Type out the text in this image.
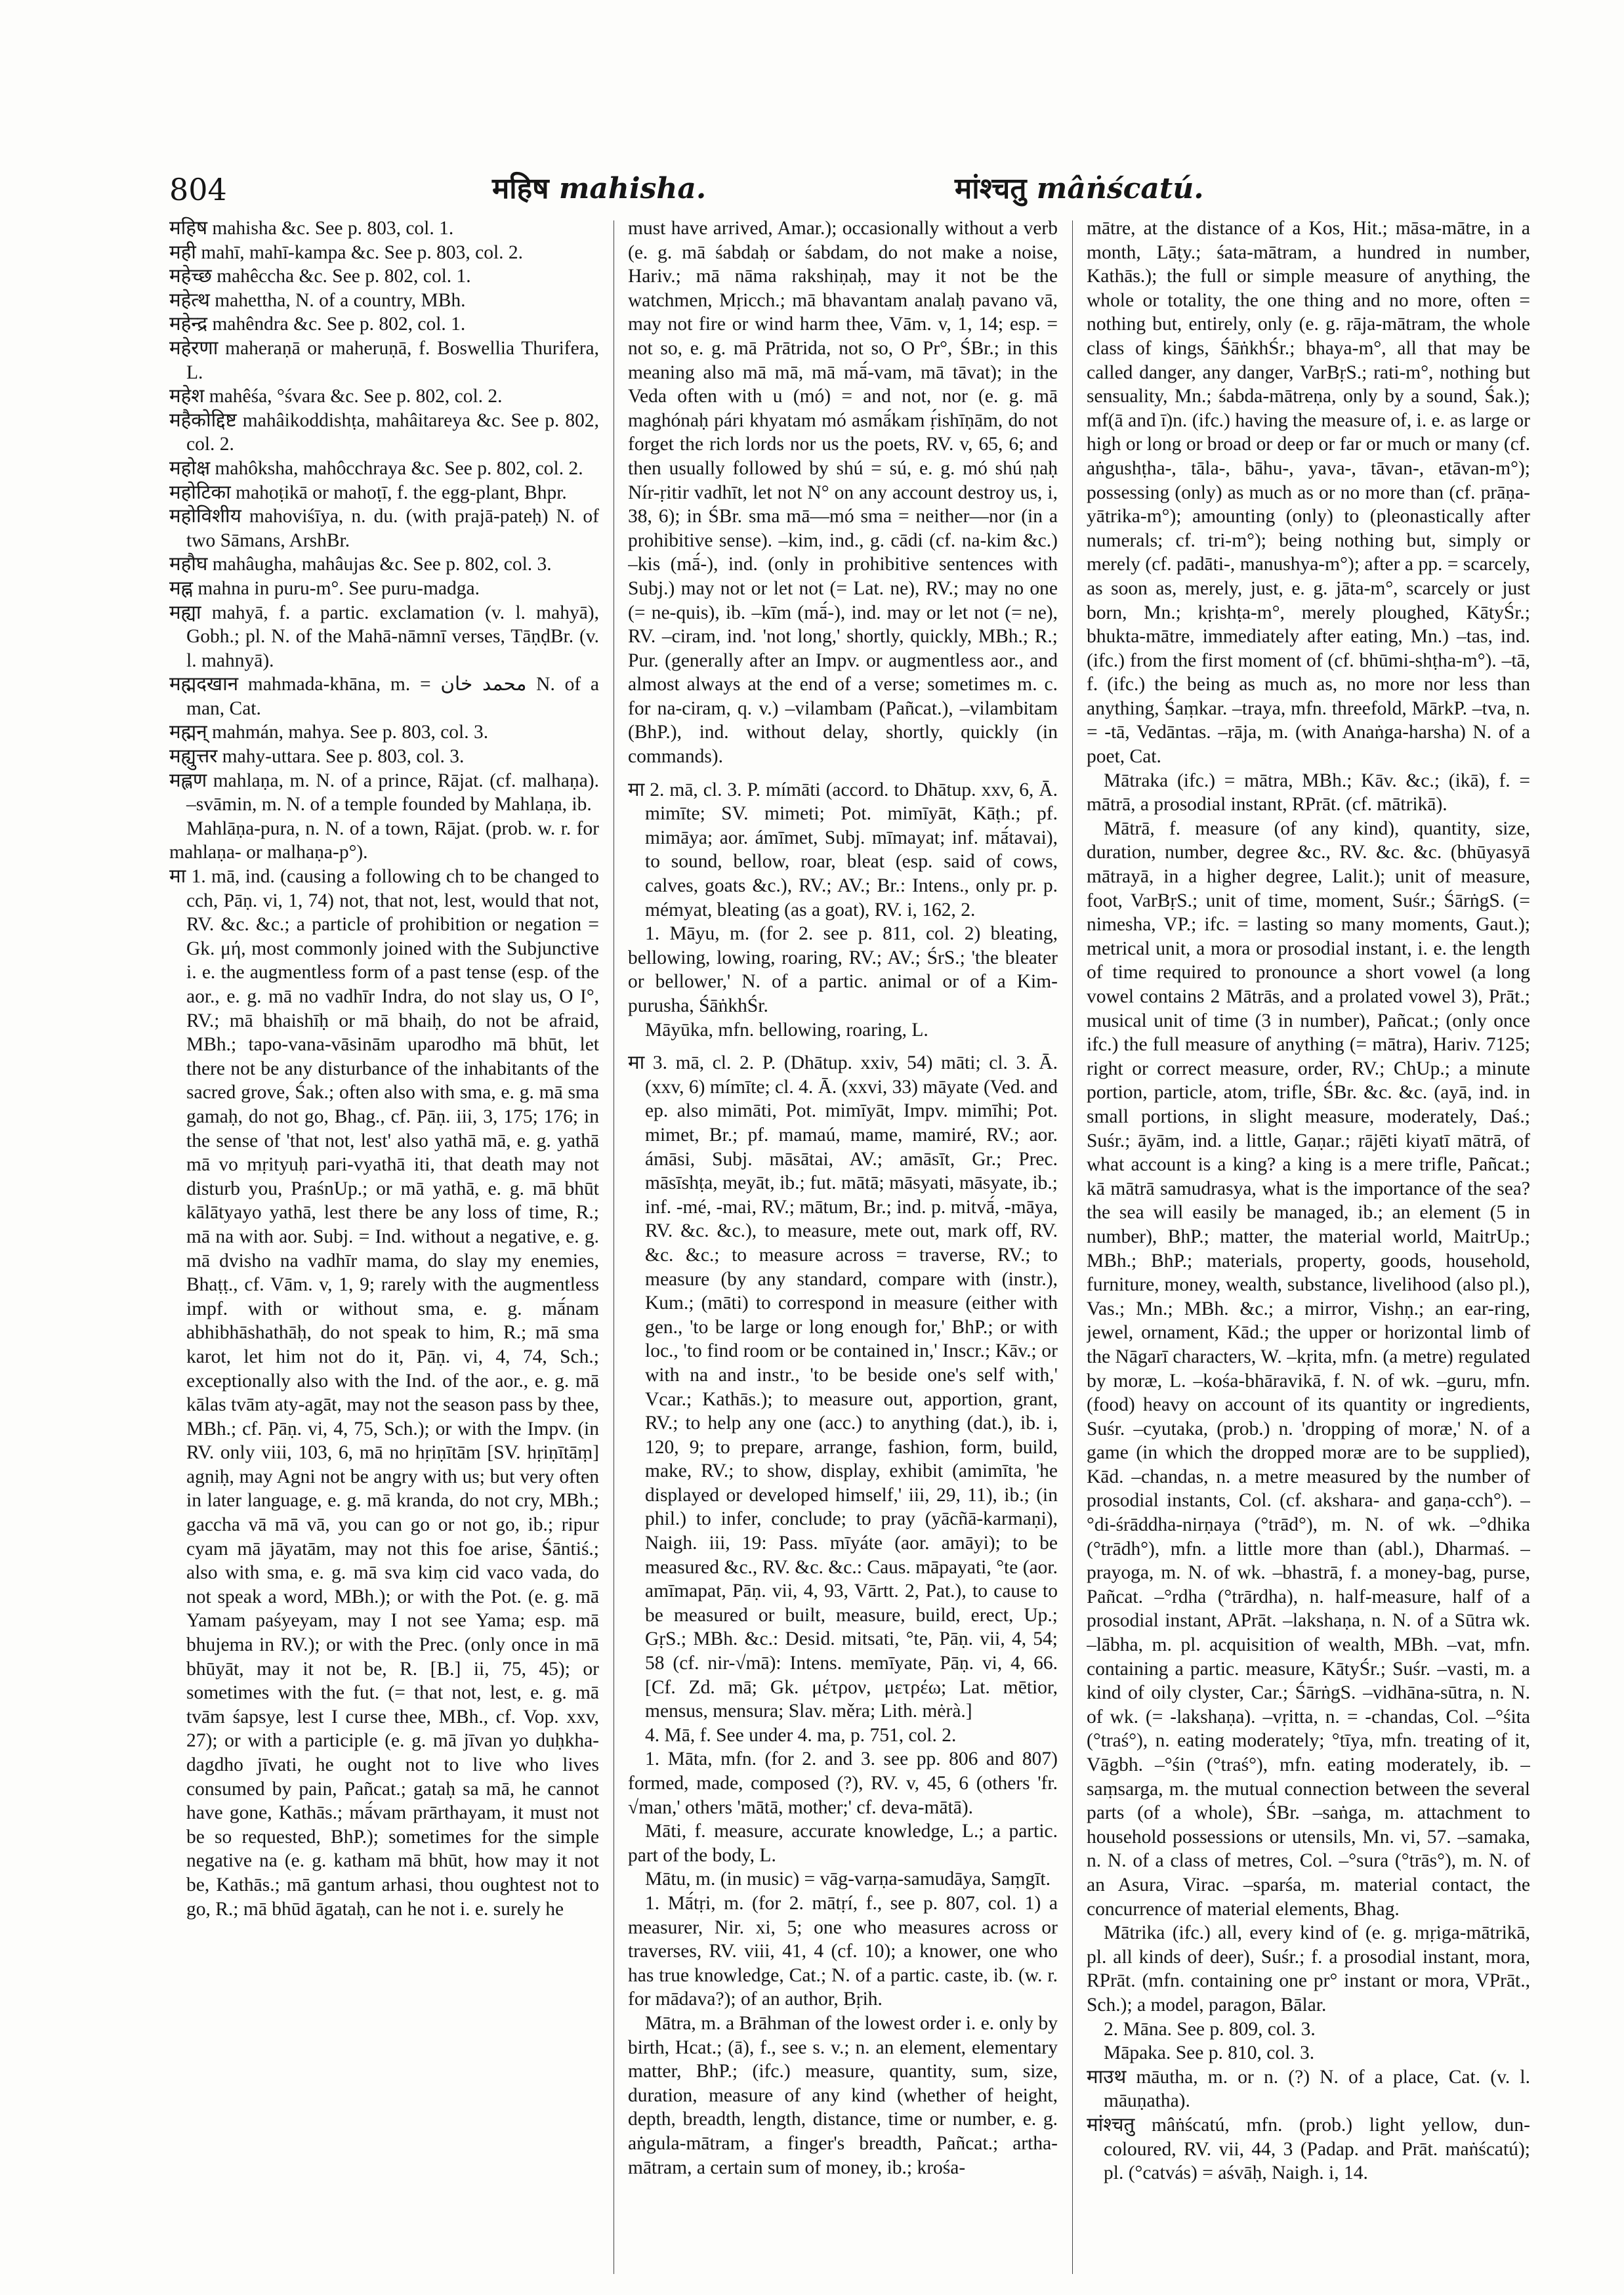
804	महिष mahisha.	मांश्चतु mâṅścatú.

महिष mahisha &c. See p. 803, col. 1.

मही mahī, mahī-kampa &c. See p. 803, col. 2.

महेच्छ mahêccha &c. See p. 802, col. 1.

महेत्थ mahettha, N. of a country, MBh.

महेन्द्र mahêndra &c. See p. 802, col. 1.

महेरणा maheraṇā or maheruṇā, f. Boswellia Thurifera, L.

महेश mahêśa, °śvara &c. See p. 802, col. 2.

महैकोद्दिष्ट mahâikoddishṭa, mahâitareya &c. See p. 802, col. 2.

महोक्ष mahôksha, mahôcchraya &c. See p. 802, col. 2.

महोटिका mahoṭikā or mahoṭī, f. the egg-plant, Bhpr.

महोविशीय mahoviśīya, n. du. (with prajā-pateḥ) N. of two Sāmans, ArshBr.

महौघ mahâugha, mahâujas &c. See p. 802, col. 3.

मह्न mahna in puru-m°. See puru-madga.

मह्या mahyā, f. a partic. exclamation (v. l. mahyā), Gobh.; pl. N. of the Mahā-nāmnī verses, TāṇḍBr. (v. l. mahnyā).

मह्मदखान mahmada-khāna, m. = محمد خان N. of a man, Cat.

मह्मन् mahmán, mahya. See p. 803, col. 3.

मह्युत्तर mahy-uttara. See p. 803, col. 3.

मह्लण mahlaṇa, m. N. of a prince, Rājat. (cf. malhaṇa). –svāmin, m. N. of a temple founded by Mahlaṇa, ib.

Mahlāṇa-pura, n. N. of a town, Rājat. (prob. w. r. for mahlaṇa- or malhaṇa-p°).

मा 1. mā, ind. (causing a following ch to be changed to cch, Pāṇ. vi, 1, 74) not, that not, lest, would that not, RV. &c. &c.; a particle of prohibition or negation = Gk. μή, most commonly joined with the Subjunctive i. e. the augmentless form of a past tense (esp. of the aor., e. g. mā no vadhīr Indra, do not slay us, O I°, RV.; mā bhaishīḥ or mā bhaiḥ, do not be afraid, MBh.; tapo-vana-vāsinām uparodho mā bhūt, let there not be any disturbance of the inhabitants of the sacred grove, Śak.; often also with sma, e. g. mā sma gamaḥ, do not go, Bhag., cf. Pāṇ. iii, 3, 175; 176; in the sense of 'that not, lest' also yathā mā, e. g. yathā mā vo mṛityuḥ pari-vyathā iti, that death may not disturb you, PraśnUp.; or mā yathā, e. g. mā bhūt kālātyayo yathā, lest there be any loss of time, R.; mā na with aor. Subj. = Ind. without a negative, e. g. mā dvisho na vadhīr mama, do slay my enemies, Bhaṭṭ., cf. Vām. v, 1, 9; rarely with the augmentless impf. with or without sma, e. g. mā́nam abhibhāshathāḥ, do not speak to him, R.; mā sma karot, let him not do it, Pāṇ. vi, 4, 74, Sch.; exceptionally also with the Ind. of the aor., e. g. mā kālas tvām aty-agāt, may not the season pass by thee, MBh.; cf. Pāṇ. vi, 4, 75, Sch.); or with the Impv. (in RV. only viii, 103, 6, mā no hṛiṇītām [SV. hṛiṇītāṃ] agniḥ, may Agni not be angry with us; but very often in later language, e. g. mā kranda, do not cry, MBh.; gaccha vā mā vā, you can go or not go, ib.; ripur cyam mā jāyatām, may not this foe arise, Śāntiś.; also with sma, e. g. mā sva kiṃ cid vaco vada, do not speak a word, MBh.); or with the Pot. (e. g. mā Yamam paśyeyam, may I not see Yama; esp. mā bhujema in RV.); or with the Prec. (only once in mā bhūyāt, may it not be, R. [B.] ii, 75, 45); or sometimes with the fut. (= that not, lest, e. g. mā tvām śapsye, lest I curse thee, MBh., cf. Vop. xxv, 27); or with a participle (e. g. mā jīvan yo duḥkha-dagdho jīvati, he ought not to live who lives consumed by pain, Pañcat.; gataḥ sa mā, he cannot have gone, Kathās.; mā́vam prārthayam, it must not be so requested, BhP.); sometimes for the simple negative na (e. g. katham mā bhūt, how may it not be, Kathās.; mā gantum arhasi, thou oughtest not to go, R.; mā bhūd āgataḥ, can he not i. e. surely he

must have arrived, Amar.); occasionally without a verb (e. g. mā śabdaḥ or śabdam, do not make a noise, Hariv.; mā nāma rakshiṇaḥ, may it not be the watchmen, Mṛicch.; mā bhavantam analaḥ pavano vā, may not fire or wind harm thee, Vām. v, 1, 14; esp. = not so, e. g. mā Prātrida, not so, O Pr°, ŚBr.; in this meaning also mā mā, mā mā́-vam, mā tāvat); in the Veda often with u (mó) = and not, nor (e. g. mā maghónaḥ pári khyatam mó asmā́kam ṛ́ishīṇām, do not forget the rich lords nor us the poets, RV. v, 65, 6; and then usually followed by shú = sú, e. g. mó shú ṇaḥ Nír-ṛitir vadhīt, let not N° on any account destroy us, i, 38, 6); in ŚBr. sma mā—mó sma = neither—nor (in a prohibitive sense). –kim, ind., g. cādi (cf. na-kim &c.) –kis (mā́-), ind. (only in prohibitive sentences with Subj.) may not or let not (= Lat. ne), RV.; may no one (= ne-quis), ib. –kīm (mā́-), ind. may or let not (= ne), RV. –ciram, ind. 'not long,' shortly, quickly, MBh.; R.; Pur. (generally after an Impv. or augmentless aor., and almost always at the end of a verse; sometimes m. c. for na-ciram, q. v.) –vilambam (Pañcat.), –vilambitam (BhP.), ind. without delay, shortly, quickly (in commands).

मा 2. mā, cl. 3. P. mímāti (accord. to Dhātup. xxv, 6, Ā. mimīte; SV. mimeti; Pot. mimīyāt, Kāṭh.; pf. mimāya; aor. ámīmet, Subj. mīmayat; inf. mā́tavai), to sound, bellow, roar, bleat (esp. said of cows, calves, goats &c.), RV.; AV.; Br.: Intens., only pr. p. mémyat, bleating (as a goat), RV. i, 162, 2.

1. Māyu, m. (for 2. see p. 811, col. 2) bleating, bellowing, lowing, roaring, RV.; AV.; ŚrS.; 'the bleater or bellower,' N. of a partic. animal or of a Kim-purusha, ŚāṅkhŚr.

Māyūka, mfn. bellowing, roaring, L.

मा 3. mā, cl. 2. P. (Dhātup. xxiv, 54) māti; cl. 3. Ā. (xxv, 6) mímīte; cl. 4. Ā. (xxvi, 33) māyate (Ved. and ep. also mimāti, Pot. mimīyāt, Impv. mimīhi; Pot. mimet, Br.; pf. mamaú, mame, mamiré, RV.; aor. ámāsi, Subj. māsātai, AV.; amāsīt, Gr.; Prec. māsīshṭa, meyāt, ib.; fut. mātā; māsyati, māsyate, ib.; inf. -mé, -mai, RV.; mātum, Br.; ind. p. mitvā́, -māya, RV. &c. &c.), to measure, mete out, mark off, RV. &c. &c.; to measure across = traverse, RV.; to measure (by any standard, compare with (instr.), Kum.; (māti) to correspond in measure (either with gen., 'to be large or long enough for,' BhP.; or with loc., 'to find room or be contained in,' Inscr.; Kāv.; or with na and instr., 'to be beside one's self with,' Vcar.; Kathās.); to measure out, apportion, grant, RV.; to help any one (acc.) to anything (dat.), ib. i, 120, 9; to prepare, arrange, fashion, form, build, make, RV.; to show, display, exhibit (amimīta, 'he displayed or developed himself,' iii, 29, 11), ib.; (in phil.) to infer, conclude; to pray (yācñā-karmaṇi), Naigh. iii, 19: Pass. mīyáte (aor. amāyi); to be measured &c., RV. &c. &c.: Caus. māpayati, °te (aor. amīmapat, Pāṇ. vii, 4, 93, Vārtt. 2, Pat.), to cause to be measured or built, measure, build, erect, Up.; GṛS.; MBh. &c.: Desid. mitsati, °te, Pāṇ. vii, 4, 54; 58 (cf. nir-√mā): Intens. memīyate, Pāṇ. vi, 4, 66. [Cf. Zd. mā; Gk. μέτρον, μετρέω; Lat. mētior, mensus, mensura; Slav. měra; Lith. mėrà.]

4. Mā, f. See under 4. ma, p. 751, col. 2.

1. Māta, mfn. (for 2. and 3. see pp. 806 and 807) formed, made, composed (?), RV. v, 45, 6 (others 'fr. √man,' others 'mātā, mother;' cf. deva-mātā).

Māti, f. measure, accurate knowledge, L.; a partic. part of the body, L.

Mātu, m. (in music) = vāg-varṇa-samudāya, Saṃgīt.

1. Mā́tṛi, m. (for 2. mātṛí, f., see p. 807, col. 1) a measurer, Nir. xi, 5; one who measures across or traverses, RV. viii, 41, 4 (cf. 10); a knower, one who has true knowledge, Cat.; N. of a partic. caste, ib. (w. r. for mādava?); of an author, Bṛih.

Mātra, m. a Brāhman of the lowest order i. e. only by birth, Hcat.; (ā), f., see s. v.; n. an element, elementary matter, BhP.; (ifc.) measure, quantity, sum, size, duration, measure of any kind (whether of height, depth, breadth, length, distance, time or number, e. g. aṅgula-mātram, a finger's breadth, Pañcat.; artha-mātram, a certain sum of money, ib.; krośa-

mātre, at the distance of a Kos, Hit.; māsa-mātre, in a month, Lāṭy.; śata-mātram, a hundred in number, Kathās.); the full or simple measure of anything, the whole or totality, the one thing and no more, often = nothing but, entirely, only (e. g. rāja-mātram, the whole class of kings, ŚāṅkhŚr.; bhaya-m°, all that may be called danger, any danger, VarBṛS.; rati-m°, nothing but sensuality, Mn.; śabda-mātreṇa, only by a sound, Śak.); mf(ā and ī)n. (ifc.) having the measure of, i. e. as large or high or long or broad or deep or far or much or many (cf. aṅgushṭha-, tāla-, bāhu-, yava-, tāvan-, etāvan-m°); possessing (only) as much as or no more than (cf. prāṇa-yātrika-m°); amounting (only) to (pleonastically after numerals; cf. tri-m°); being nothing but, simply or merely (cf. padāti-, manushya-m°); after a pp. = scarcely, as soon as, merely, just, e. g. jāta-m°, scarcely or just born, Mn.; kṛishṭa-m°, merely ploughed, KātyŚr.; bhukta-mātre, immediately after eating, Mn.) –tas, ind. (ifc.) from the first moment of (cf. bhūmi-shṭha-m°). –tā, f. (ifc.) the being as much as, no more nor less than anything, Śaṃkar. –traya, mfn. threefold, MārkP. –tva, n. = -tā, Vedāntas. –rāja, m. (with Anaṅga-harsha) N. of a poet, Cat.

Mātraka (ifc.) = mātra, MBh.; Kāv. &c.; (ikā), f. = mātrā, a prosodial instant, RPrāt. (cf. mātrikā).

Mātrā, f. measure (of any kind), quantity, size, duration, number, degree &c., RV. &c. &c. (bhūyasyā mātrayā, in a higher degree, Lalit.); unit of measure, foot, VarBṛS.; unit of time, moment, Suśr.; ŚārṅgS. (= nimesha, VP.; ifc. = lasting so many moments, Gaut.); metrical unit, a mora or prosodial instant, i. e. the length of time required to pronounce a short vowel (a long vowel contains 2 Mātrās, and a prolated vowel 3), Prāt.; musical unit of time (3 in number), Pañcat.; (only once ifc.) the full measure of anything (= mātra), Hariv. 7125; right or correct measure, order, RV.; ChUp.; a minute portion, particle, atom, trifle, ŚBr. &c. &c. (ayā, ind. in small portions, in slight measure, moderately, Daś.; Suśr.; āyām, ind. a little, Gaṇar.; rājēti kiyatī mātrā, of what account is a king? a king is a mere trifle, Pañcat.; kā mātrā samudrasya, what is the importance of the sea? the sea will easily be managed, ib.; an element (5 in number), BhP.; matter, the material world, MaitrUp.; MBh.; BhP.; materials, property, goods, household, furniture, money, wealth, substance, livelihood (also pl.), Vas.; Mn.; MBh. &c.; a mirror, Vishṇ.; an ear-ring, jewel, ornament, Kād.; the upper or horizontal limb of the Nāgarī characters, W. –kṛita, mfn. (a metre) regulated by moræ, L. –kośa-bhāravikā, f. N. of wk. –guru, mfn. (food) heavy on account of its quantity or ingredients, Suśr. –cyutaka, (prob.) n. 'dropping of moræ,' N. of a game (in which the dropped moræ are to be supplied), Kād. –chandas, n. a metre measured by the number of prosodial instants, Col. (cf. akshara- and gaṇa-cch°). –°di-śrāddha-nirṇaya (°trād°), m. N. of wk. –°dhika (°trādh°), mfn. a little more than (abl.), Dharmaś. –prayoga, m. N. of wk. –bhastrā, f. a money-bag, purse, Pañcat. –°rdha (°trārdha), n. half-measure, half of a prosodial instant, APrāt. –lakshaṇa, n. N. of a Sūtra wk. –lābha, m. pl. acquisition of wealth, MBh. –vat, mfn. containing a partic. measure, KātyŚr.; Suśr. –vasti, m. a kind of oily clyster, Car.; ŚārṅgS. –vidhāna-sūtra, n. N. of wk. (= -lakshaṇa). –vṛitta, n. = -chandas, Col. –°śita (°traś°), n. eating moderately; °tīya, mfn. treating of it, Vāgbh. –°śin (°traś°), mfn. eating moderately, ib. –saṃsarga, m. the mutual connection between the several parts (of a whole), ŚBr. –saṅga, m. attachment to household possessions or utensils, Mn. vi, 57. –samaka, n. N. of a class of metres, Col. –°sura (°trās°), m. N. of an Asura, Virac. –sparśa, m. material contact, the concurrence of material elements, Bhag.

Mātrika (ifc.) all, every kind of (e. g. mṛiga-mātrikā, pl. all kinds of deer), Suśr.; f. a prosodial instant, mora, RPrāt. (mfn. containing one pr° instant or mora, VPrāt., Sch.); a model, paragon, Bālar.

2. Māna. See p. 809, col. 3.

Māpaka. See p. 810, col. 3.

माउथ māutha, m. or n. (?) N. of a place, Cat. (v. l. māuṇatha).

मांश्चतु mâṅścatú, mfn. (prob.) light yellow, dun-coloured, RV. vii, 44, 3 (Padap. and Prāt. maṅścatú); pl. (°catvás) = aśvāḥ, Naigh. i, 14.
